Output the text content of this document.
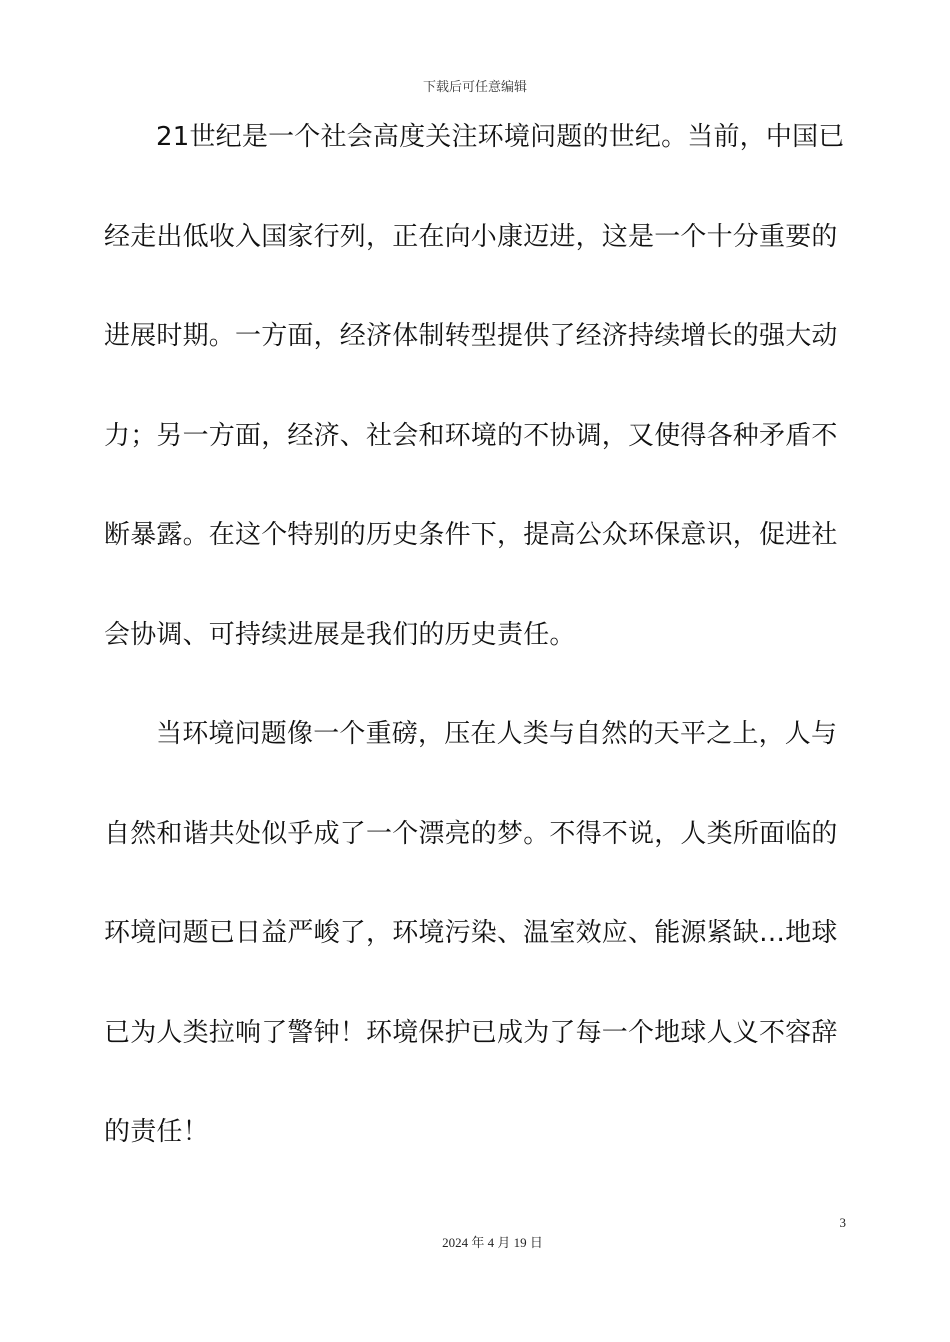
下载后可任意编辑
21世纪是一个社会高度关注环境问题的世纪。当前，中国已
经走出低收入国家行列，正在向小康迈进，这是一个十分重要的
进展时期。一方面，经济体制转型提供了经济持续增长的强大动
力；另一方面，经济、社会和环境的不协调，又使得各种矛盾不
断暴露。在这个特别的历史条件下，提高公众环保意识，促进社
会协调、可持续进展是我们的历史责任。
当环境问题像一个重磅，压在人类与自然的天平之上，人与
自然和谐共处似乎成了一个漂亮的梦。不得不说，人类所面临的
环境问题已日益严峻了，环境污染、温室效应、能源紧缺…地球
已为人类拉响了警钟！环境保护已成为了每一个地球人义不容辞
的责任！
3
2024 年 4 月 19 日
